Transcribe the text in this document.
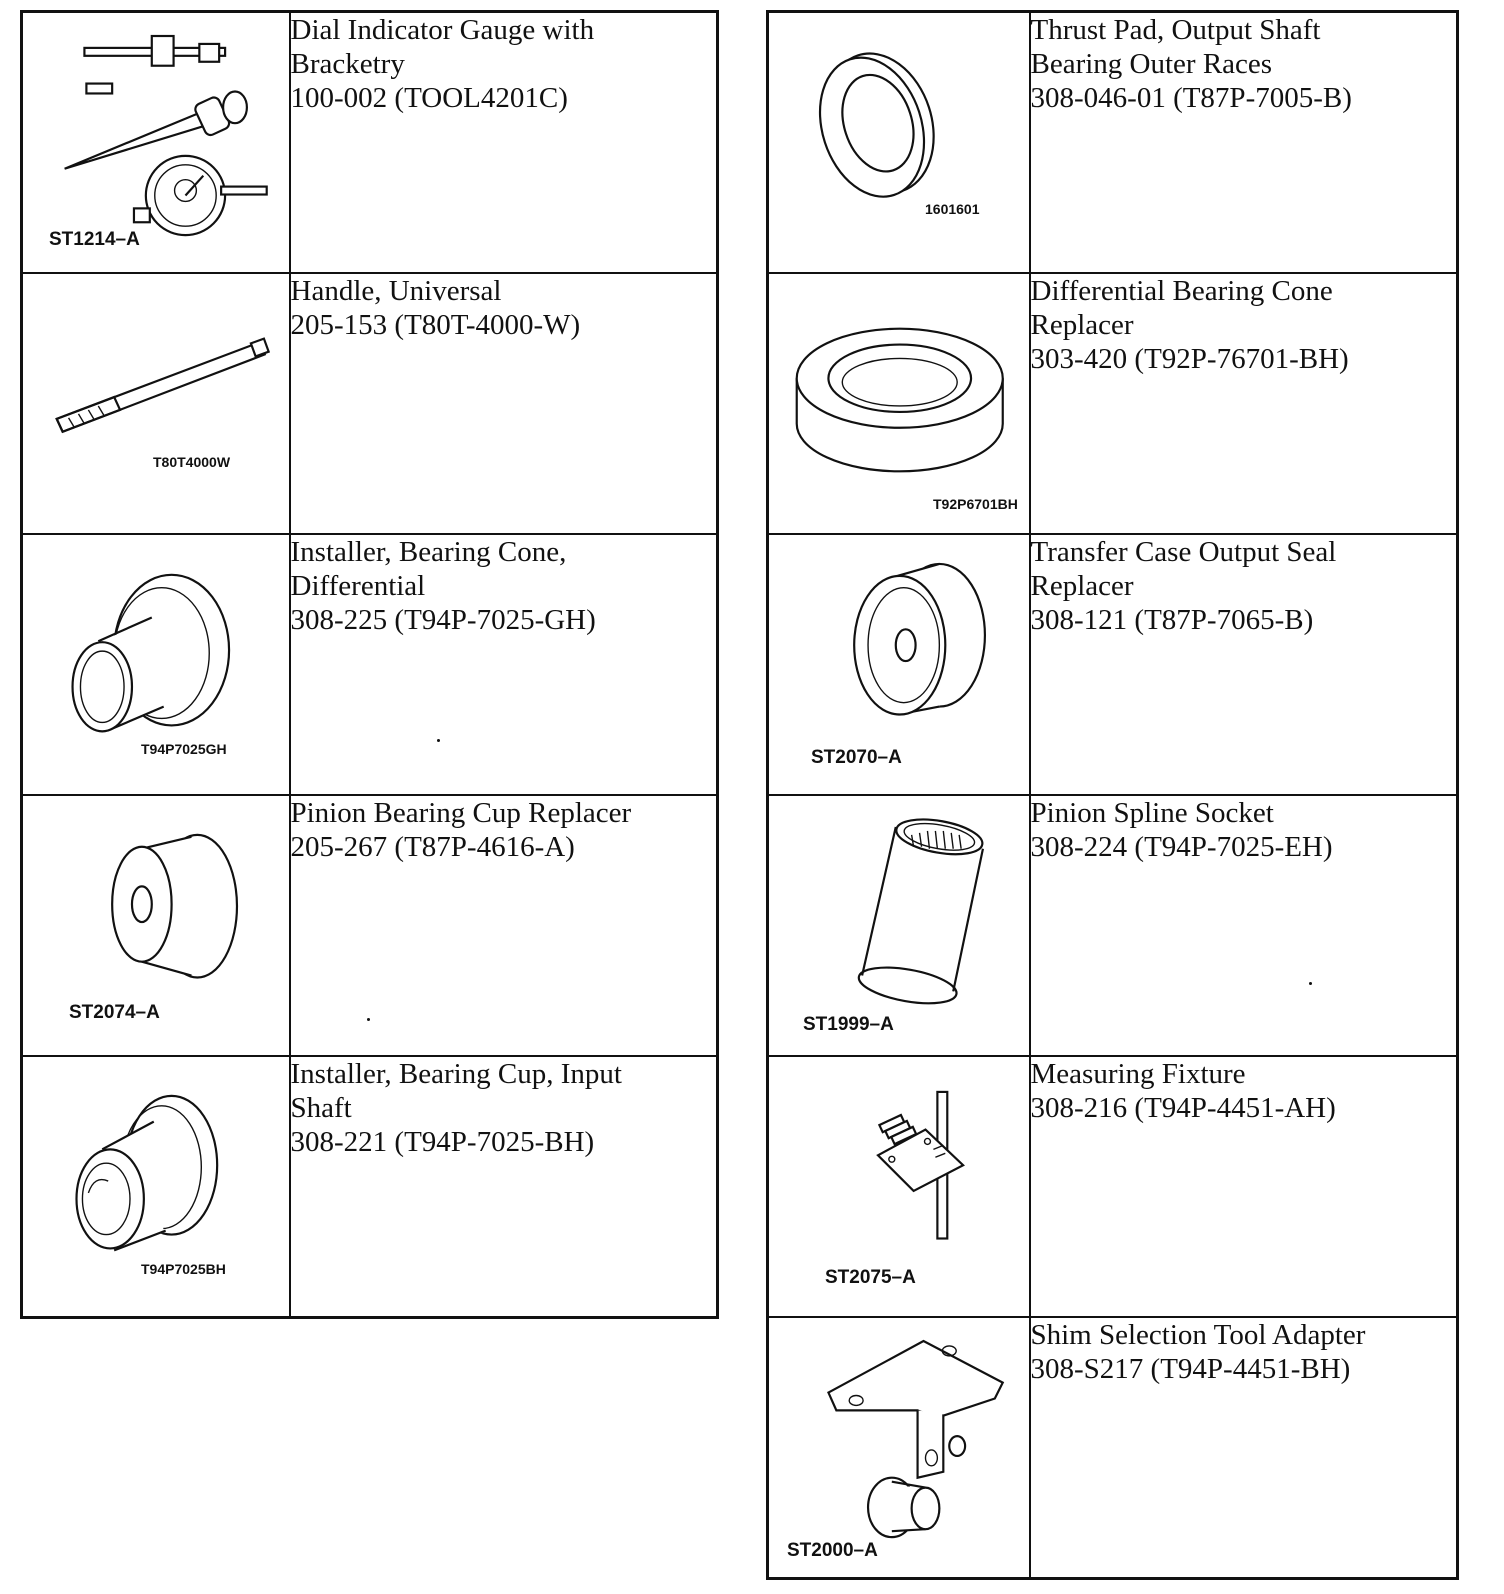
ST1214–A	Dial Indicator Gauge with
Bracketry
100-002 (TOOL4201C)

T80T4000W	Handle, Universal
205-153 (T80T-4000-W)

T94P7025GH	Installer, Bearing Cone,
Differential
308-225 (T94P-7025-GH)

ST2074–A	Pinion Bearing Cup Replacer
205-267 (T87P-4616-A)

T94P7025BH	Installer, Bearing Cup, Input
Shaft
308-221 (T94P-7025-BH)
1601601	Thrust Pad, Output Shaft
Bearing Outer Races
308-046-01 (T87P-7005-B)

T92P6701BH	Differential Bearing Cone
Replacer
303-420 (T92P-76701-BH)

ST2070–A	Transfer Case Output Seal
Replacer
308-121 (T87P-7065-B)

ST1999–A	Pinion Spline Socket
308-224 (T94P-7025-EH)

ST2075–A	Measuring Fixture
308-216 (T94P-4451-AH)

ST2000–A	Shim Selection Tool Adapter
308-S217 (T94P-4451-BH)
